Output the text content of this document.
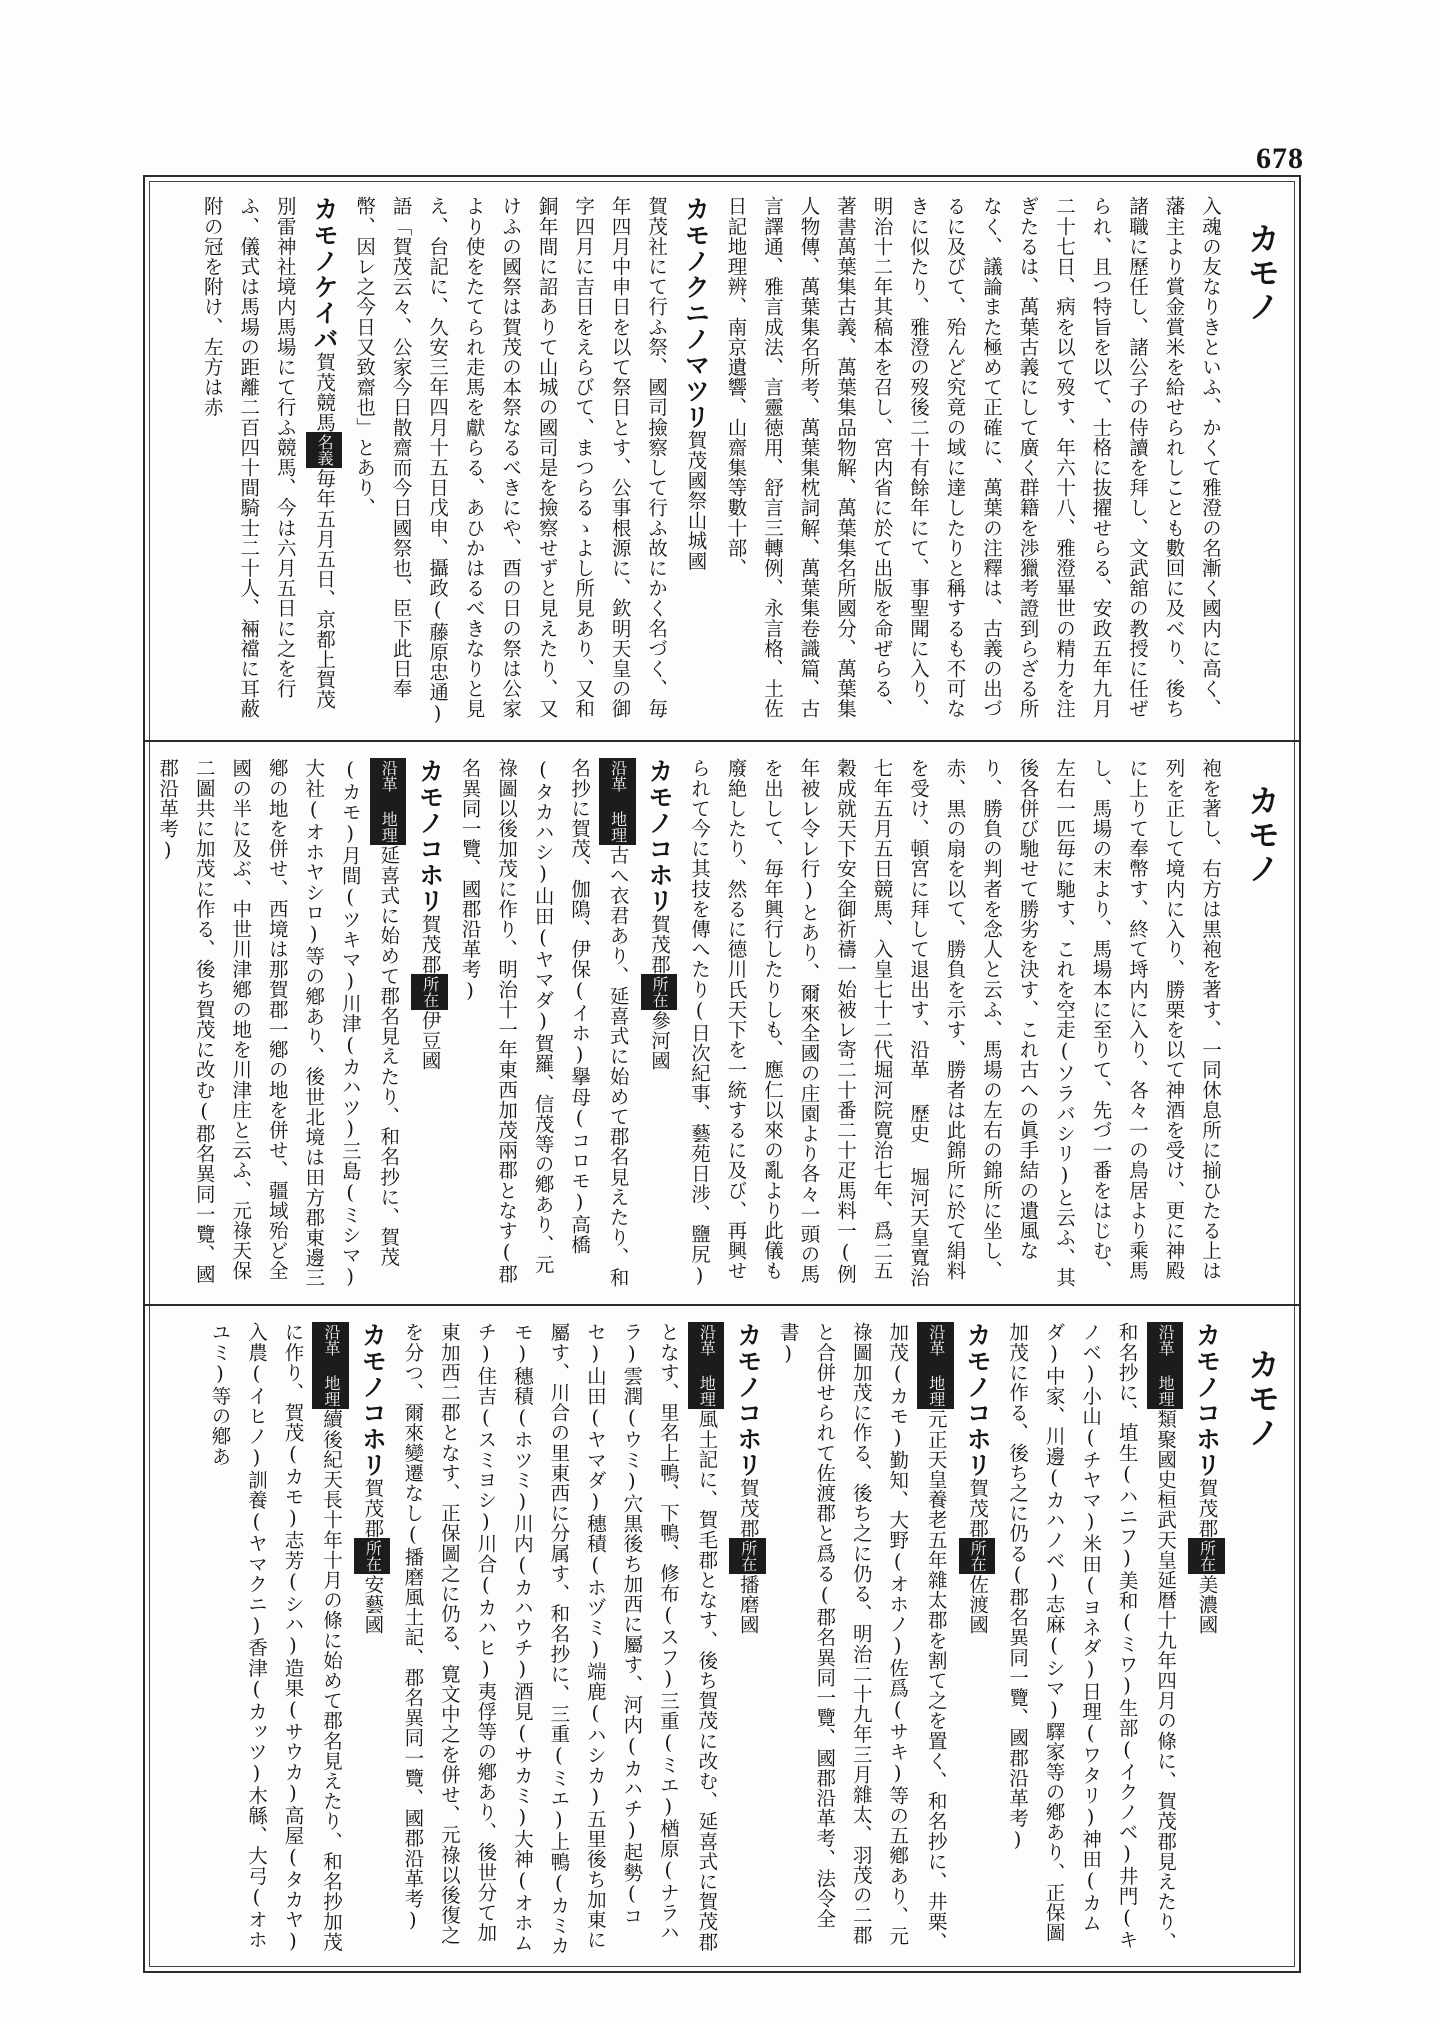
678
カモノ

入魂の友なりきといふ、かくて雅澄の名漸く國内に高く、藩主より賞金賞米を給せられしことも數回に及べり、後ち諸職に歷任し、諸公子の侍讀を拜し、文武舘の教授に任ぜられ、且つ特旨を以て、士格に抜擢せらる、安政五年九月二十七日、病を以て歿す、年六十八、雅澄畢世の精力を注ぎたるは、萬葉古義にして廣く群籍を渉獵考證到らざる所なく、議論また極めて正確に、萬葉の注釋は、古義の出づるに及びて、殆んど究竟の域に達したりと稱するも不可なきに似たり、雅澄の歿後二十有餘年にて、事聖聞に入り、明治十二年其稿本を召し、宮内省に於て出版を命ぜらる、著書萬葉集古義、萬葉集品物解、萬葉集名所國分、萬葉集人物傳、萬葉集名所考、萬葉集枕詞解、萬葉集卷識篇、古言譯通、雅言成法、言靈徳用、舒言三轉例、永言格、土佐日記地理辨、南京遺響、山齋集等數十部、

カモノクニノマツリ賀茂國祭山城國
賀茂社にて行ふ祭、國司撿察して行ふ故にかく名づく、毎年四月中申日を以て祭日とす、公事根源に、欽明天皇の御字四月に吉日をえらびて、まつらるゝよし所見あり、又和銅年間に詔ありて山城の國司是を撿察せずと見えたり、又けふの國祭は賀茂の本祭なるべきにや、酉の日の祭は公家より使をたてられ走馬を獻らる、あひかはるべきなりと見え、台記に、久安三年四月十五日戊申、攝政(藤原忠通)語「賀茂云々、公家今日散齋而今日國祭也、臣下此日奉幣、因レ之今日又致齋也」とあり、

カモノケイバ賀茂競馬名義毎年五月五日、京都上賀茂別雷神社境内馬場にて行ふ競馬、今は六月五日に之を行ふ、儀式は馬場の距離二百四十間騎士二十人、裲襠に耳蔽附の冠を附け、左方は赤

カモノ

袍を著し、右方は黒袍を著す、一同休息所に揃ひたる上は列を正して境内に入り、勝栗を以て神酒を受け、更に神殿に上りて奉幣す、終て埓内に入り、各々一の鳥居より乘馬し、馬場の末より、馬場本に至りて、先づ一番をはじむ、左右一匹毎に馳す、これを空走(ソラバシリ)と云ふ、其後各併び馳せて勝劣を決す、これ古への眞手結の遺風なり、勝負の判者を念人と云ふ、馬場の左右の錦所に坐し、赤、黒の扇を以て、勝負を示す、勝者は此錦所に於て絹料を受け、頓宮に拜して退出す、沿革 歷史 堀河天皇寬治七年五月五日競馬、入皇七十二代堀河院寛治七年、爲二五穀成就天下安全御祈禱一始被レ寄二十番二十疋馬料一(例年被レ令レ行)とあり、爾來全國の庄園より各々一頭の馬を出して、毎年興行したりしも、應仁以來の亂より此儀も廢絶したり、然るに德川氏天下を一統するに及び、再興せられて今に其技を傳へたり(日次紀事、藝苑日涉、鹽尻)

カモノコホリ賀茂郡所在參河國
沿革 地理古へ衣君あり、延喜式に始めて郡名見えたり、和名抄に賀茂、伽隝、伊保(イホ)擧母(コロモ)高橋(タカハシ)山田(ヤマダ)賀羅、信茂等の鄕あり、元祿圖以後加茂に作り、明治十一年東西加茂兩郡となす(郡名異同一覽、國郡沿革考)

カモノコホリ賀茂郡所在伊豆國
沿革 地理延喜式に始めて郡名見えたり、和名抄に、賀茂(カモ)月間(ツキマ)川津(カハツ)三島(ミシマ)大社(オホヤシロ)等の鄕あり、後世北境は田方郡東邊三鄕の地を併せ、西境は那賀郡一鄕の地を併せ、疆域殆ど全國の半に及ぶ、中世川津鄕の地を川津庄と云ふ、元祿天保二圖共に加茂に作る、後ち賀茂に改む(郡名異同一覽、國郡沿革考)

カモノ

カモノコホリ賀茂郡所在美濃國
沿革 地理類聚國史桓武天皇延暦十九年四月の條に、賀茂郡見えたり、和名抄に、埴生(ハニフ)美和(ミワ)生部(イクノベ)井門(キノベ)小山(チヤマ)米田(ヨネダ)日理(ワタリ)神田(カムダ)中家、川邊(カハノベ)志麻(シマ)驛家等の鄕あり、正保圖加茂に作る、後ち之に仍る(郡名異同一覽、國郡沿革考)

カモノコホリ賀茂郡所在佐渡國
沿革 地理元正天皇養老五年雜太郡を割て之を置く、和名抄に、井栗、加茂(カモ)勤知、大野(オホノ)佐爲(サキ)等の五鄕あり、元祿圖加茂に作る、後ち之に仍る、明治二十九年三月雜太、羽茂の二郡と合併せられて佐渡郡と爲る(郡名異同一覽、國郡沿革考、法令全書)

カモノコホリ賀茂郡所在播磨國
沿革 地理風土記に、賀毛郡となす、後ち賀茂に改む、延喜式に賀茂郡となす、里名上鴨、下鴨、修布(スフ)三重(ミエ)楢原(ナラハラ)雲潤(ウミ)穴黒後ち加西に屬す、河内(カハチ)起勢(コセ)山田(ヤマダ)穗積(ホヅミ)端鹿(ハシカ)五里後ち加東に屬す、川合の里東西に分属す、和名抄に、三重(ミエ)上鴨(カミカモ)穗積(ホツミ)川内(カハウチ)酒見(サカミ)大神(オホムチ)住吉(スミヨシ)川合(カハヒ)夷俘等の鄕あり、後世分て加東加西二郡となす、正保圖之に仍る、寛文中之を併せ、元祿以後復之を分つ、爾來變遷なし(播磨風土記、郡名異同一覽、國郡沿革考)

カモノコホリ賀茂郡所在安藝國
沿革 地理續後紀天長十年十月の條に始めて郡名見えたり、和名抄加茂に作り、賀茂(カモ)志芳(シハ)造果(サウカ)高屋(タカヤ)入農(イヒノ)訓養(ヤマクニ)香津(カッツ)木緜、大弓(オホユミ)等の鄕あ
